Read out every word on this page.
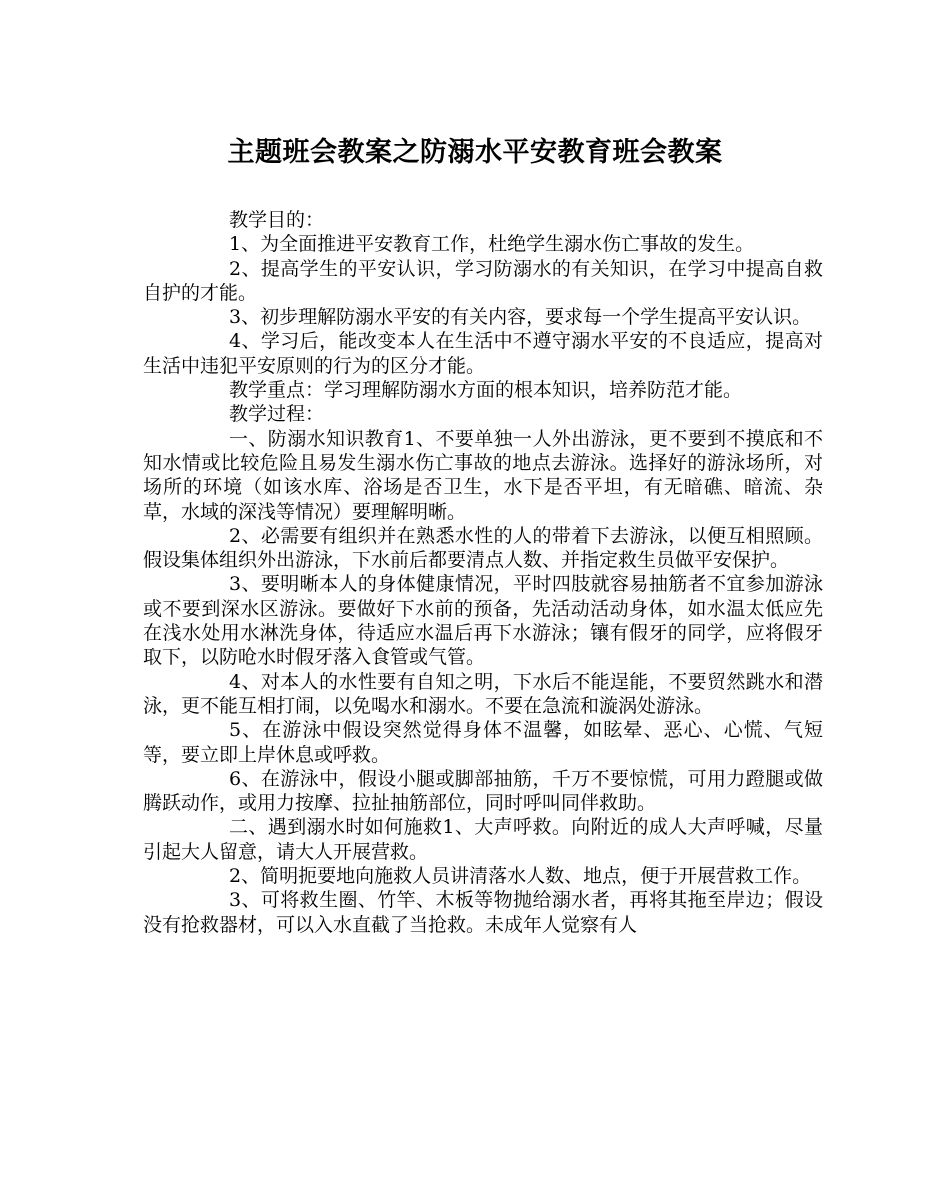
主题班会教案之防溺水平安教育班会教案

教学目的：

1、为全面推进平安教育工作，杜绝学生溺水伤亡事故的发生。

2、提高学生的平安认识，学习防溺水的有关知识，在学习中提高自救自护的才能。

3、初步理解防溺水平安的有关内容，要求每一个学生提高平安认识。

4、学习后，能改变本人在生活中不遵守溺水平安的不良适应，提高对生活中违犯平安原则的行为的区分才能。

教学重点：学习理解防溺水方面的根本知识，培养防范才能。

教学过程：

一、防溺水知识教育1、不要单独一人外出游泳，更不要到不摸底和不知水情或比较危险且易发生溺水伤亡事故的地点去游泳。选择好的游泳场所，对场所的环境（如该水库、浴场是否卫生，水下是否平坦，有无暗礁、暗流、杂草，水域的深浅等情况）要理解明晰。

2、必需要有组织并在熟悉水性的人的带着下去游泳，以便互相照顾。假设集体组织外出游泳，下水前后都要清点人数、并指定救生员做平安保护。

3、要明晰本人的身体健康情况，平时四肢就容易抽筋者不宜参加游泳或不要到深水区游泳。要做好下水前的预备，先活动活动身体，如水温太低应先在浅水处用水淋洗身体，待适应水温后再下水游泳；镶有假牙的同学，应将假牙取下，以防呛水时假牙落入食管或气管。

4、对本人的水性要有自知之明，下水后不能逞能，不要贸然跳水和潜泳，更不能互相打闹，以免喝水和溺水。不要在急流和漩涡处游泳。

5、在游泳中假设突然觉得身体不温馨，如眩晕、恶心、心慌、气短等，要立即上岸休息或呼救。

6、在游泳中，假设小腿或脚部抽筋，千万不要惊慌，可用力蹬腿或做腾跃动作，或用力按摩、拉扯抽筋部位，同时呼叫同伴救助。

二、遇到溺水时如何施救1、大声呼救。向附近的成人大声呼喊，尽量引起大人留意，请大人开展营救。

2、简明扼要地向施救人员讲清落水人数、地点，便于开展营救工作。

3、可将救生圈、竹竿、木板等物抛给溺水者，再将其拖至岸边；假设没有抢救器材，可以入水直截了当抢救。未成年人觉察有人
